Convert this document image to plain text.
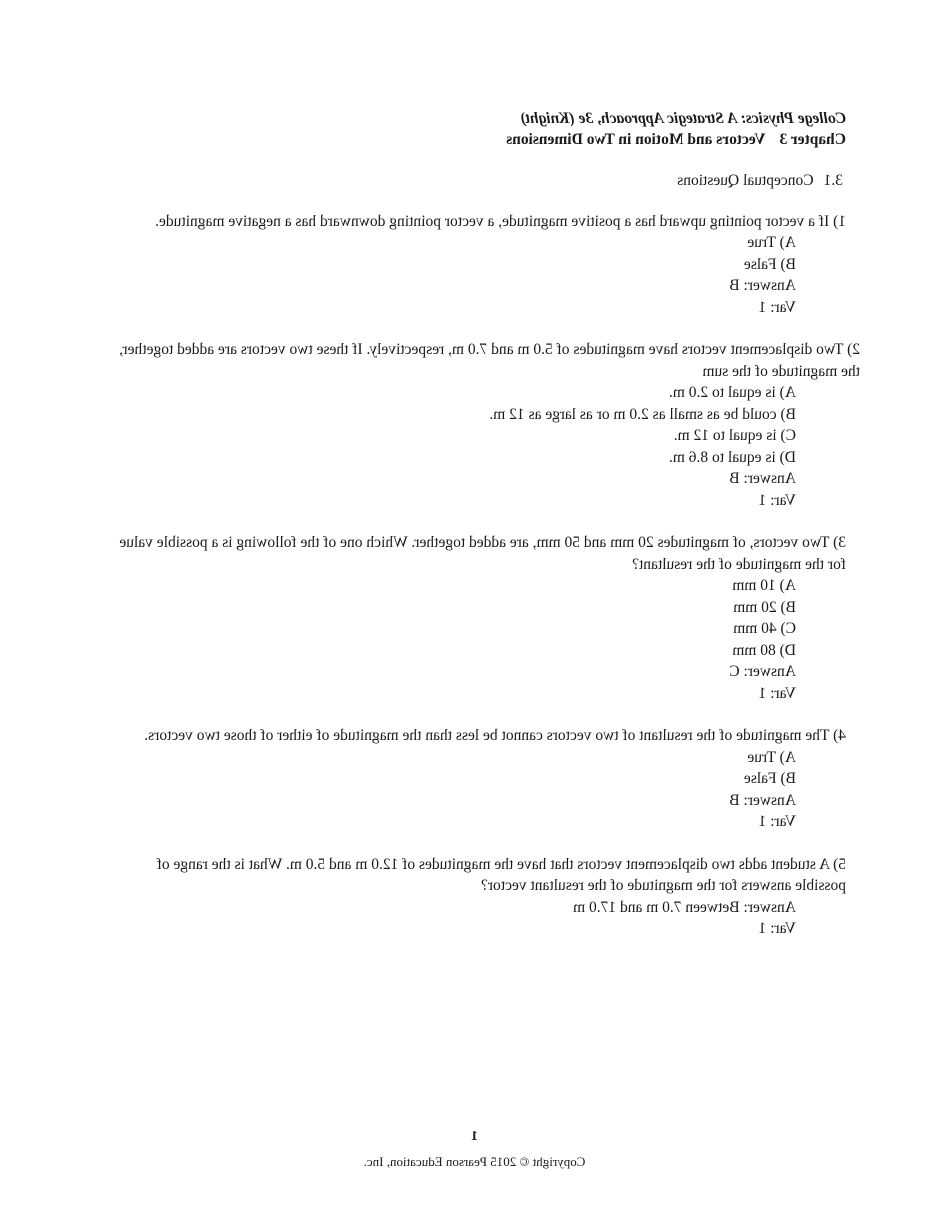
College Physics: A Strategic Approach, 3e (Knight)
Chapter 3Vectors and Motion in Two Dimensions
3.1Conceptual Questions

1) If a vector pointing upward has a positive magnitude, a vector pointing downward has a negative magnitude.

A) True

B) False

Answer: B

Var: 1

2) Two displacement vectors have magnitudes of 5.0 m and 7.0 m, respectively. If these two vectors are added together, the magnitude of the sum

A) is equal to 2.0 m.

B) could be as small as 2.0 m or as large as 12 m.

C) is equal to 12 m.

D) is equal to 8.6 m.

Answer: B

Var: 1

3) Two vectors, of magnitudes 20 mm and 50 mm, are added together. Which one of the following is a possible value for the magnitude of the resultant?

A) 10 mm

B) 20 mm

C) 40 mm

D) 80 mm

Answer: C

Var: 1

4) The magnitude of the resultant of two vectors cannot be less than the magnitude of either of those two vectors.

A) True

B) False

Answer: B

Var: 1

5) A student adds two displacement vectors that have the magnitudes of 12.0 m and 5.0 m. What is the range of possible answers for the magnitude of the resultant vector?

Answer: Between 7.0 m and 17.0 m

Var: 1

1
Copyright © 2015 Pearson Education, Inc.
